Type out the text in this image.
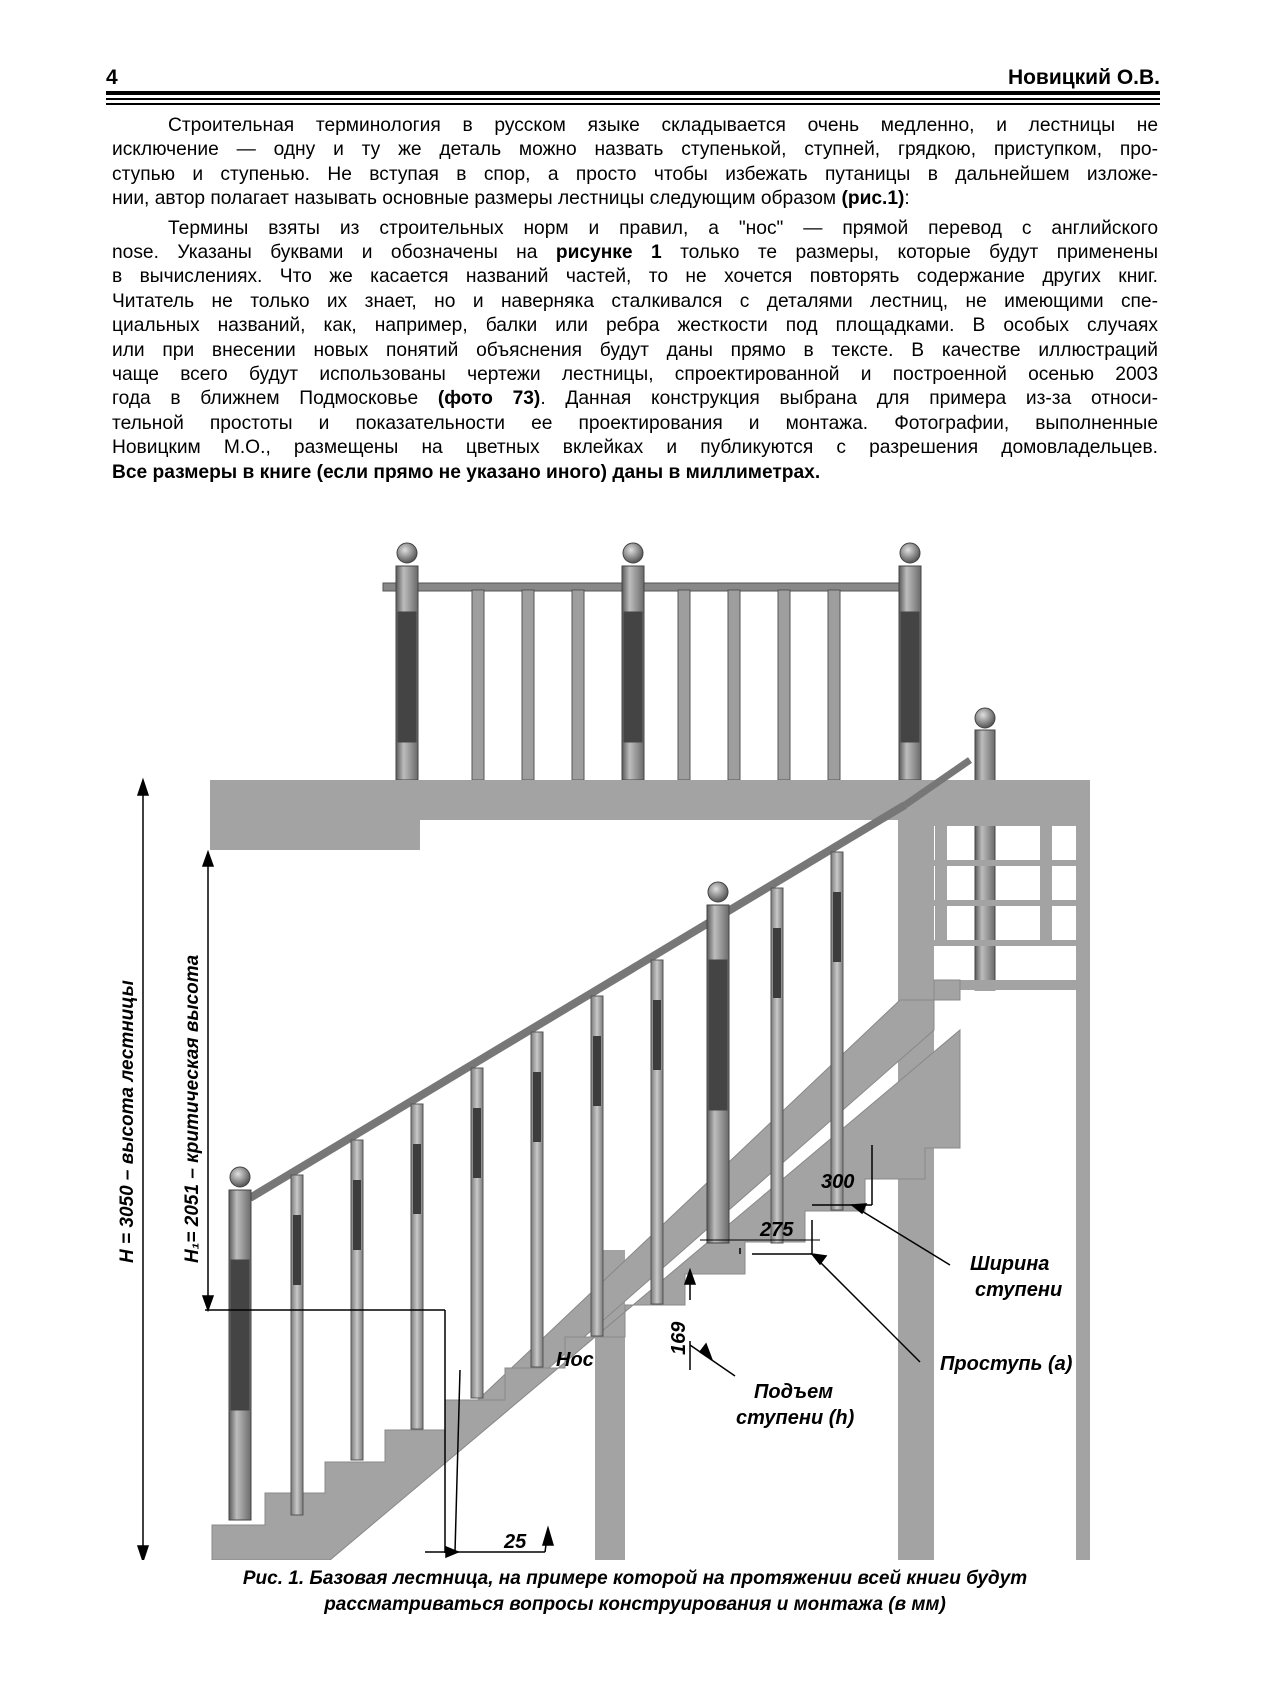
4	Новицкий О.В.
Строительная терминология в русском языке складывается очень медленно, и лестницы не
исключение — одну и ту же деталь можно назвать ступенькой, ступней, грядкою, приступком, про-
ступью и ступенью. Не вступая в спор, а просто чтобы избежать путаницы в дальнейшем изложе-
нии, автор полагает называть основные размеры лестницы следующим образом (рис.1):
Термины взяты из строительных норм и правил, а "нос" — прямой перевод с английского
nose. Указаны буквами и обозначены на рисунке 1 только те размеры, которые будут применены
в вычислениях. Что же касается названий частей, то не хочется повторять содержание других книг.
Читатель не только их знает, но и наверняка сталкивался с деталями лестниц, не имеющими спе-
циальных названий, как, например, балки или ребра жесткости под площадками. В особых случаях
или при внесении новых понятий объяснения будут даны прямо в тексте. В качестве иллюстраций
чаще всего будут использованы чертежи лестницы, спроектированной и построенной осенью 2003
года в ближнем Подмосковье (фото 73). Данная конструкция выбрана для примера из-за относи-
тельной простоты и показательности ее проектирования и монтажа. Фотографии, выполненные
Новицким М.О., размещены на цветных вклейках и публикуются с разрешения домовладельцев.
Все размеры в книге (если прямо не указано иного) даны в миллиметрах.
H = 3050 – высота лестницы H₁= 2051 – критическая высота	300
275
169
25
Нос
Ширина
ступени
Проступь (а)
Подъем
ступени (h)
Рис. 1. Базовая лестница, на примере которой на протяжении всей книги будут
рассматриваться вопросы конструирования и монтажа (в мм)
